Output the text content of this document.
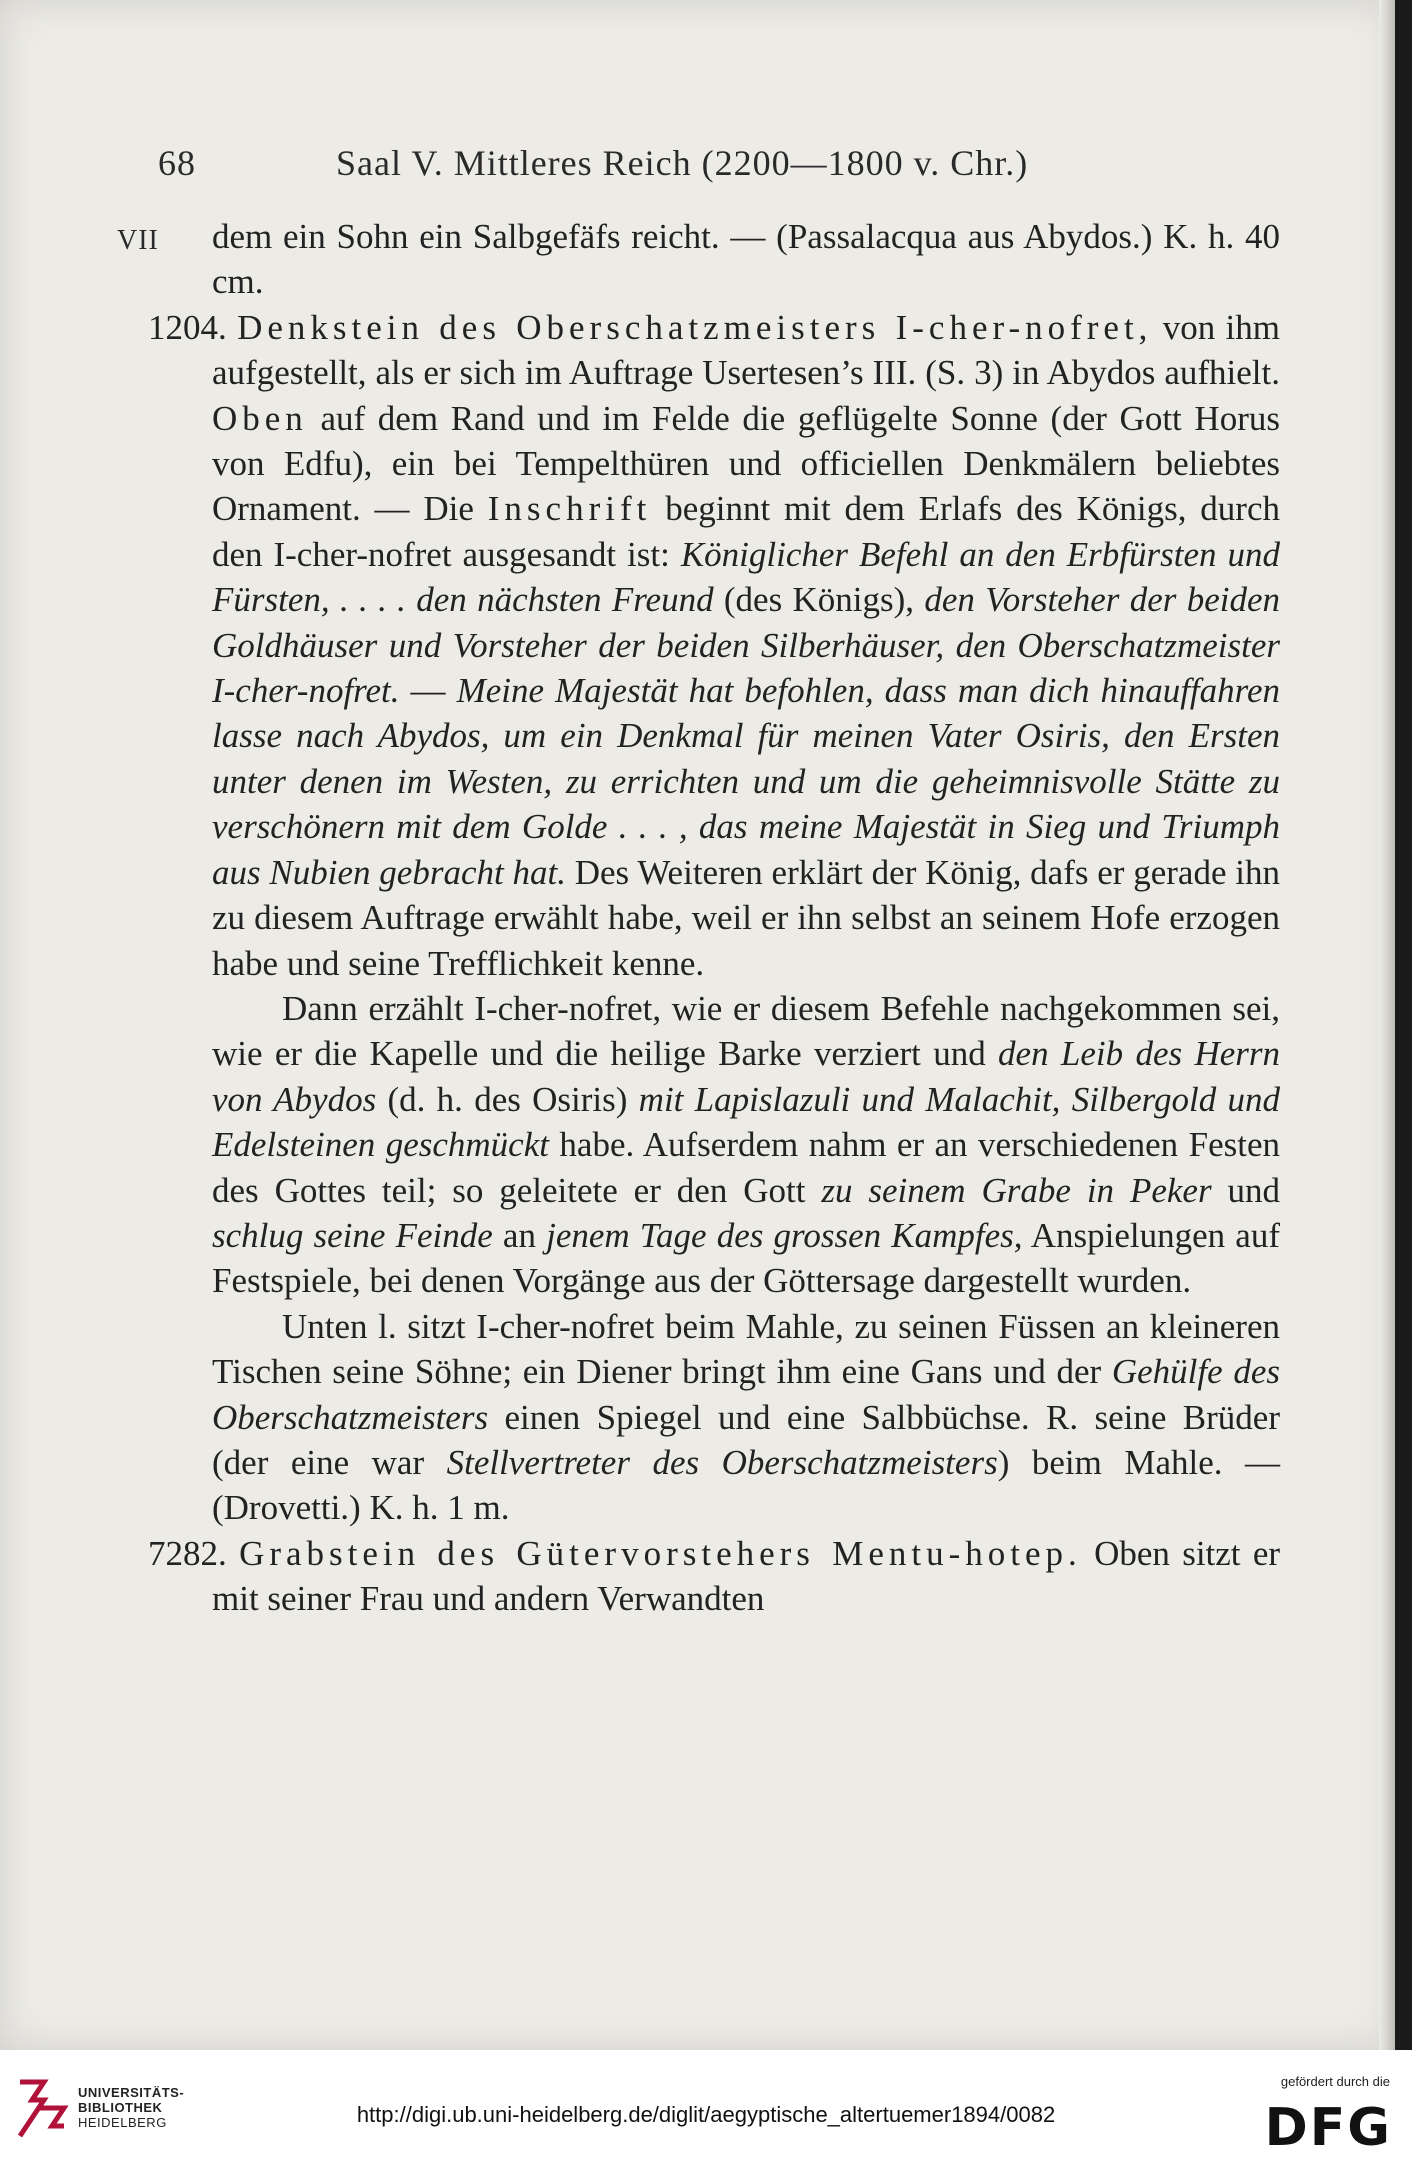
68	Saal V. Mittleres Reich (2200—1800 v. Chr.)
VII dem ein Sohn ein Salbgefäfs reicht. — (Passalacqua aus Abydos.) K. h. 40 cm.

1204. Denkstein des Oberschatzmeisters I-cher-nofret, von ihm aufgestellt, als er sich im Auftrage Usertesen’s III. (S. 3) in Abydos aufhielt. Oben auf dem Rand und im Felde die geflügelte Sonne (der Gott Horus von Edfu), ein bei Tempelthüren und officiellen Denkmälern beliebtes Ornament. — Die Inschrift beginnt mit dem Erlafs des Königs, durch den I-cher-nofret ausgesandt ist: Königlicher Befehl an den Erbfürsten und Fürsten, . . . . den nächsten Freund (des Königs), den Vorsteher der beiden Goldhäuser und Vorsteher der beiden Silberhäuser, den Oberschatzmeister I-cher-nofret. — Meine Majestät hat befohlen, dass man dich hinauffahren lasse nach Abydos, um ein Denkmal für meinen Vater Osiris, den Ersten unter denen im Westen, zu errichten und um die geheimnisvolle Stätte zu verschönern mit dem Golde . . . , das meine Majestät in Sieg und Triumph aus Nubien gebracht hat. Des Weiteren erklärt der König, dafs er gerade ihn zu diesem Auftrage erwählt habe, weil er ihn selbst an seinem Hofe erzogen habe und seine Trefflichkeit kenne.

Dann erzählt I-cher-nofret, wie er diesem Befehle nachgekommen sei, wie er die Kapelle und die heilige Barke verziert und den Leib des Herrn von Abydos (d. h. des Osiris) mit Lapislazuli und Malachit, Silbergold und Edelsteinen geschmückt habe. Aufserdem nahm er an verschiedenen Festen des Gottes teil; so geleitete er den Gott zu seinem Grabe in Peker und schlug seine Feinde an jenem Tage des grossen Kampfes, Anspielungen auf Festspiele, bei denen Vorgänge aus der Göttersage dargestellt wurden.

Unten l. sitzt I-cher-nofret beim Mahle, zu seinen Füssen an kleineren Tischen seine Söhne; ein Diener bringt ihm eine Gans und der Gehülfe des Oberschatzmeisters einen Spiegel und eine Salbbüchse. R. seine Brüder (der eine war Stellvertreter des Oberschatzmeisters) beim Mahle. — (Drovetti.) K. h. 1 m.

7282. Grabstein des Gütervorstehers Mentu-hotep. Oben sitzt er mit seiner Frau und andern Verwandten

UNIVERSITÄTS-
BIBLIOTHEK
HEIDELBERG	http://digi.ub.uni-heidelberg.de/diglit/aegyptische_altertuemer1894/0082
gefördert durch die
DFG
